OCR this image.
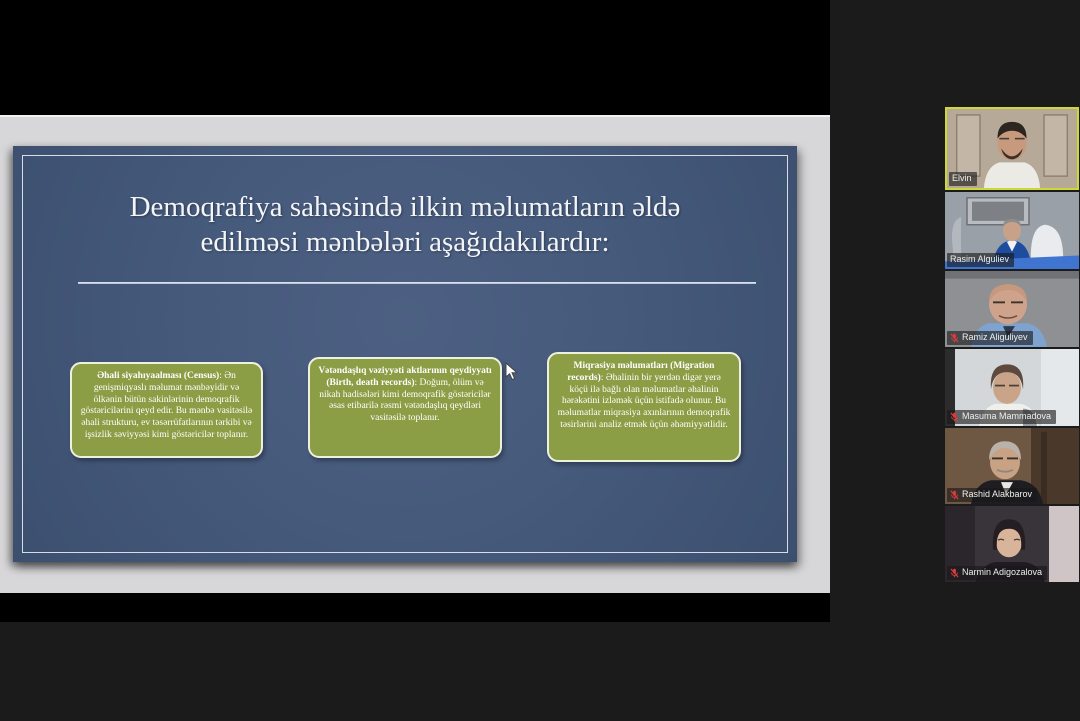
Demoqrafiya sahəsində ilkin məlumatların əldə edilməsi mənbələri aşağıdakılardır:
Əhali siyahıyaalması (Census): Ən genişmiqyaslı məlumat mənbəyidir və ölkənin bütün sakinlərinin demoqrafik göstəricilərini qeyd edir. Bu mənbə vasitəsilə əhali strukturu, ev təsərrüfatlarının tərkibi və işsizlik səviyyəsi kimi göstəricilər toplanır.
Vətəndaşlıq vəziyyəti aktlarının qeydiyyatı (Birth, death records): Doğum, ölüm və nikah hadisələri kimi demoqrafik göstəricilər əsas etibarilə rəsmi vətəndaşlıq qeydləri vasitəsilə toplanır.
Miqrasiya məlumatları (Migration records): Əhalinin bir yerdən digər yerə köçü ilə bağlı olan məlumatlar əhalinin hərəkətini izləmək üçün istifadə olunur. Bu məlumatlar miqrasiya axınlarının demoqrafik təsirlərini analiz etmək üçün əhəmiyyətlidir.
Elvin
Rasim Alguliev
Ramiz Aliguliyev
Masuma Mammadova
Rashid Alakbarov
Narmin Adigozalova
